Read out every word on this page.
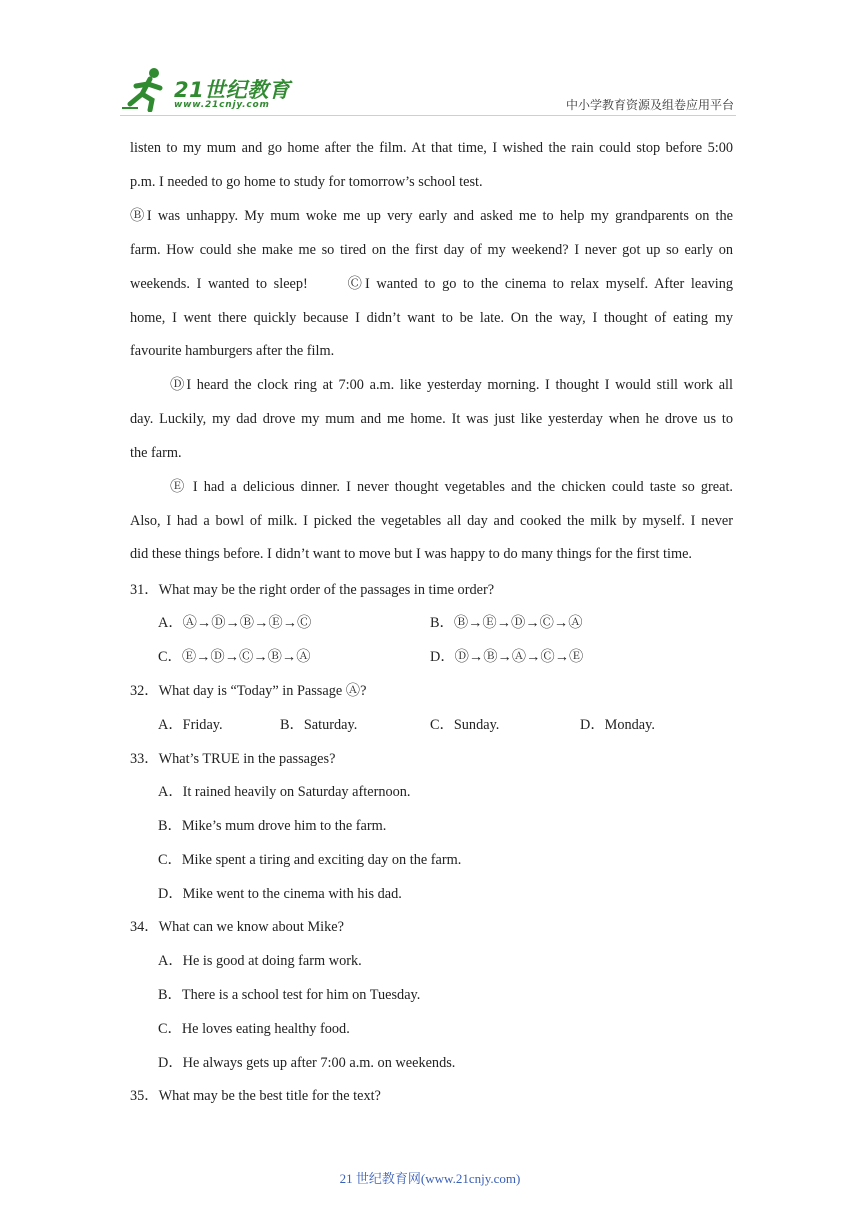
21世纪教育
www.21cnjy.com	中小学教育资源及组卷应用平台
listen to my mum and go home after the film. At that time, I wished the rain could stop before 5:00
p.m. I needed to go home to study for tomorrow’s school test.
ⒷI was unhappy. My mum woke me up very early and asked me to help my grandparents on the
farm. How could she make me so tired on the first day of my weekend? I never got up so early on
weekends. I wanted to sleep!      ⒸI wanted to go to the cinema to relax myself. After leaving
home, I went there quickly because I didn’t want to be late. On the way, I thought of eating my
favourite hamburgers after the film.
ⒹI heard the clock ring at 7:00 a.m. like yesterday morning. I thought I would still work all
day. Luckily, my dad drove my mum and me home. It was just like yesterday when he drove us to
the farm.
Ⓔ I had a delicious dinner. I never thought vegetables and the chicken could taste so great.
Also, I had a bowl of milk. I picked the vegetables all day and cooked the milk by myself. I never
did these things before. I didn’t want to move but I was happy to do many things for the first time.
31．What may be the right order of the passages in time order?
A．Ⓐ→Ⓓ→Ⓑ→Ⓔ→Ⓒ	B．Ⓑ→Ⓔ→Ⓓ→Ⓒ→Ⓐ
C．Ⓔ→Ⓓ→Ⓒ→Ⓑ→Ⓐ	D．Ⓓ→Ⓑ→Ⓐ→Ⓒ→Ⓔ
32．What day is “Today” in Passage Ⓐ?
A．Friday.	B．Saturday.	C．Sunday.	D．Monday.
33．What’s TRUE in the passages?
A．It rained heavily on Saturday afternoon.
B．Mike’s mum drove him to the farm.
C．Mike spent a tiring and exciting day on the farm.
D．Mike went to the cinema with his dad.
34．What can we know about Mike?
A．He is good at doing farm work.
B．There is a school test for him on Tuesday.
C．He loves eating healthy food.
D．He always gets up after 7:00 a.m. on weekends.
35．What may be the best title for the text?
21 世纪教育网(www.21cnjy.com)
